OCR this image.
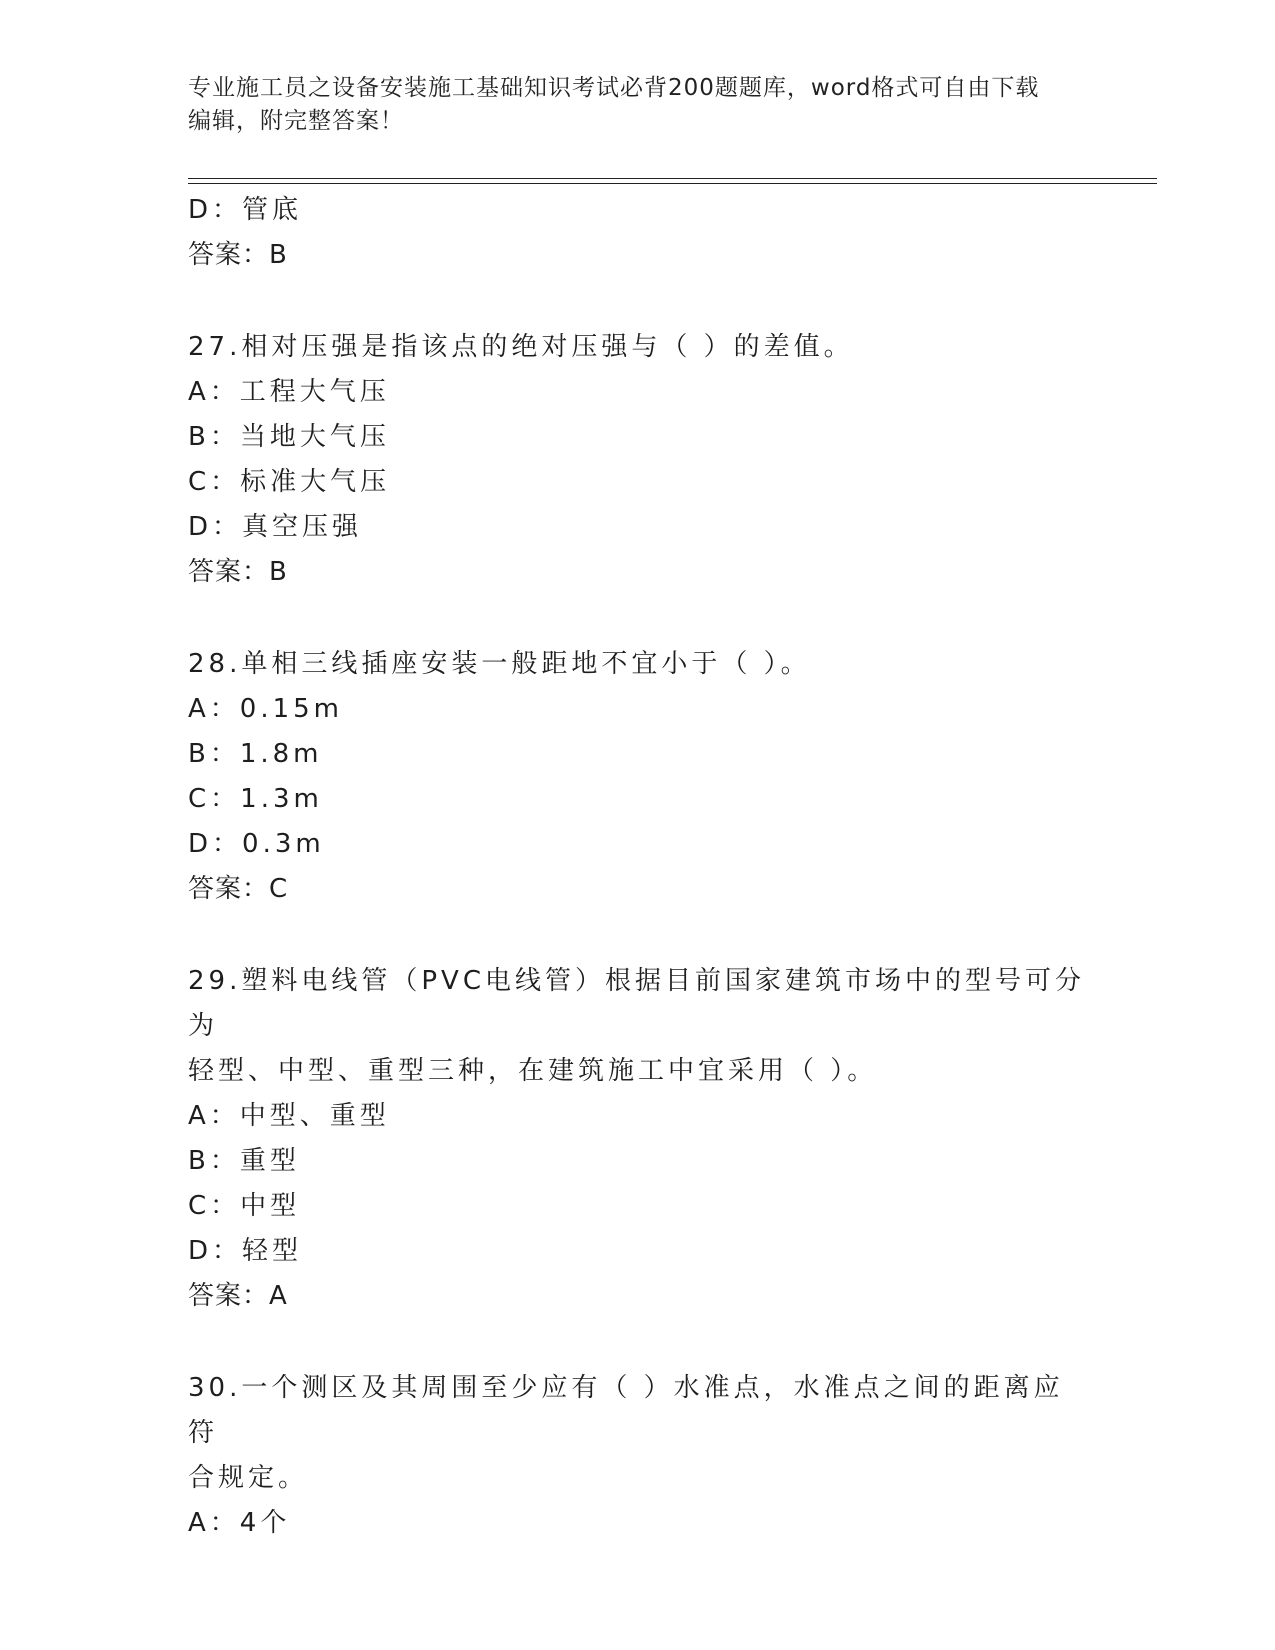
专业施工员之设备安装施工基础知识考试必背200题题库，word格式可自由下载
编辑，附完整答案！
D：管底
答案：B
27.相对压强是指该点的绝对压强与（ ）的差值。
A：工程大气压
B：当地大气压
C：标准大气压
D：真空压强
答案：B
28.单相三线插座安装一般距地不宜小于（ ）。
A：0.15m
B：1.8m
C：1.3m
D：0.3m
答案：C
29.塑料电线管（PVC电线管）根据目前国家建筑市场中的型号可分为
轻型、中型、重型三种，在建筑施工中宜采用（ ）。
A：中型、重型
B：重型
C：中型
D：轻型
答案：A
30.一个测区及其周围至少应有（ ）水准点，水准点之间的距离应符
合规定。
A：4个
